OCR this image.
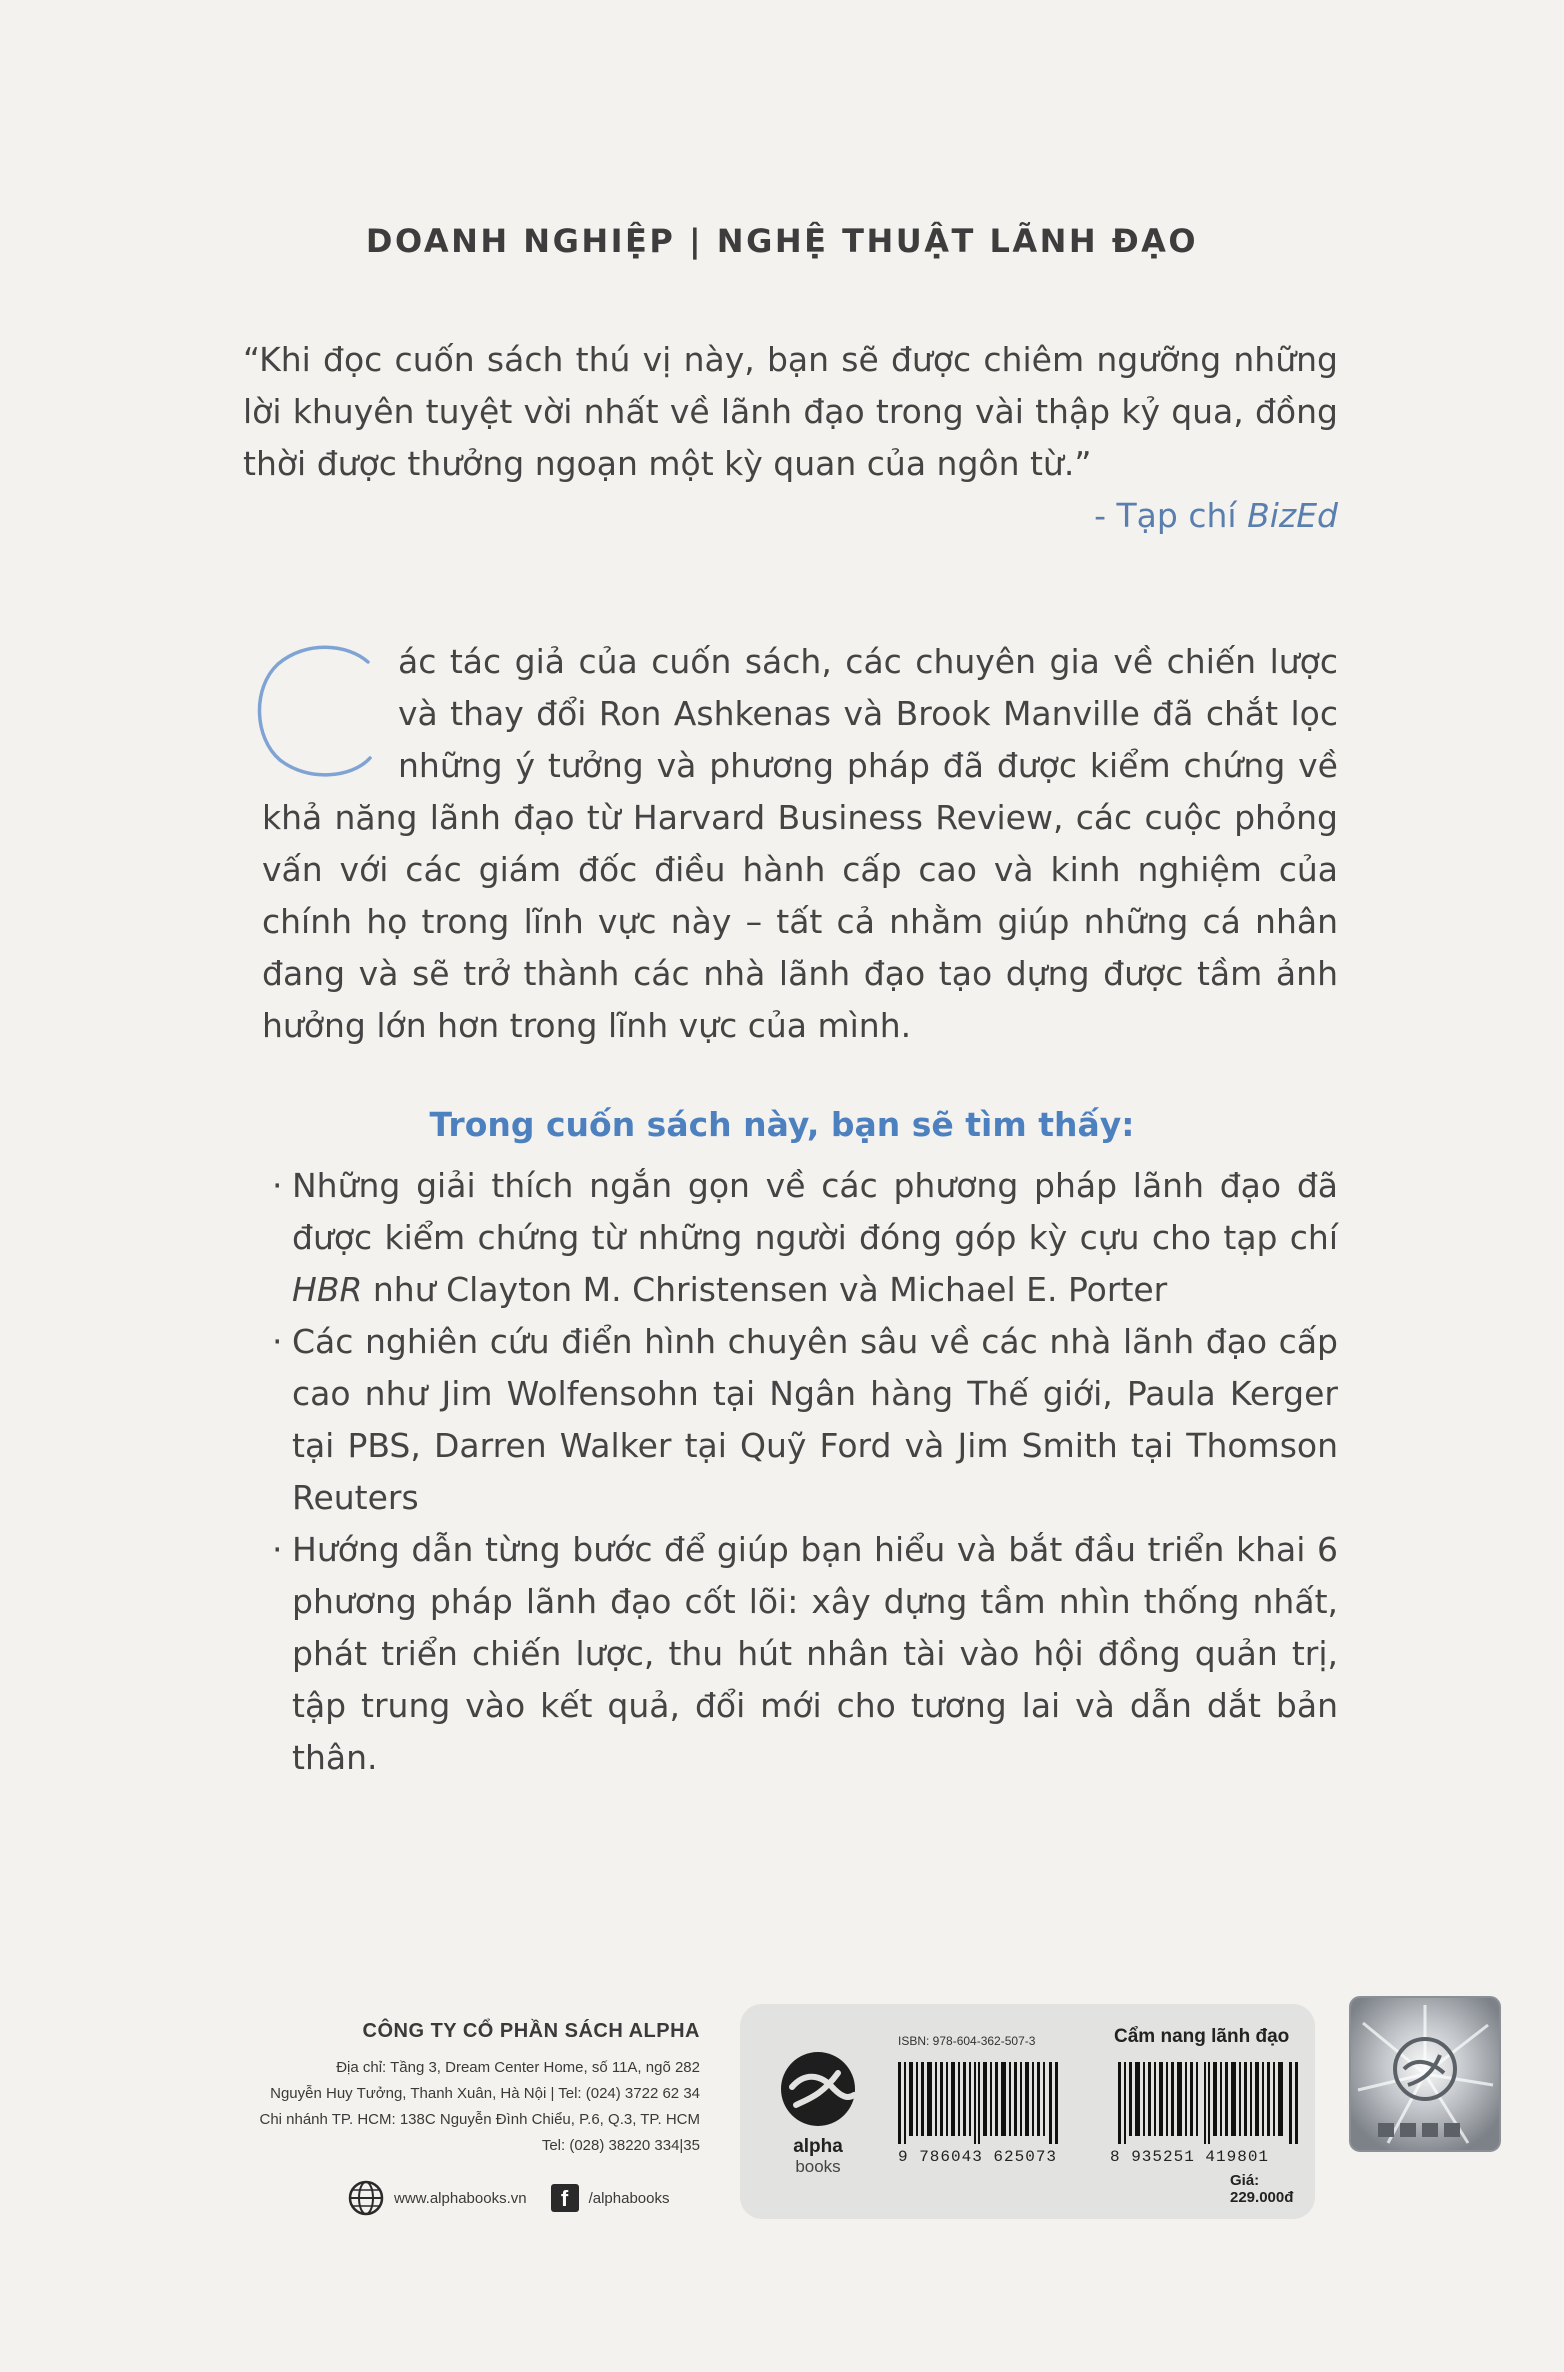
DOANH NGHIỆP | NGHỆ THUẬT LÃNH ĐẠO
“Khi đọc cuốn sách thú vị này, bạn sẽ được chiêm ngưỡng những lời khuyên tuyệt vời nhất về lãnh đạo trong vài thập kỷ qua, đồng thời được thưởng ngoạn một kỳ quan của ngôn từ.”
- Tạp chí BizEd
ác tác giả của cuốn sách, các chuyên gia về chiến lược và thay đổi Ron Ashkenas và Brook Manville đã chắt lọc những ý tưởng và phương pháp đã được kiểm chứng về khả năng lãnh đạo từ Harvard Business Review, các cuộc phỏng vấn với các giám đốc điều hành cấp cao và kinh nghiệm của chính họ trong lĩnh vực này – tất cả nhằm giúp những cá nhân đang và sẽ trở thành các nhà lãnh đạo tạo dựng được tầm ảnh hưởng lớn hơn trong lĩnh vực của mình.
Trong cuốn sách này, bạn sẽ tìm thấy:
· Những giải thích ngắn gọn về các phương pháp lãnh đạo đã được kiểm chứng từ những người đóng góp kỳ cựu cho tạp chí HBR như Clayton M. Christensen và Michael E. Porter
· Các nghiên cứu điển hình chuyên sâu về các nhà lãnh đạo cấp cao như Jim Wolfensohn tại Ngân hàng Thế giới, Paula Kerger tại PBS, Darren Walker tại Quỹ Ford và Jim Smith tại Thomson Reuters
· Hướng dẫn từng bước để giúp bạn hiểu và bắt đầu triển khai 6 phương pháp lãnh đạo cốt lõi: xây dựng tầm nhìn thống nhất, phát triển chiến lược, thu hút nhân tài vào hội đồng quản trị, tập trung vào kết quả, đổi mới cho tương lai và dẫn dắt bản thân.
CÔNG TY CỔ PHẦN SÁCH ALPHA
Địa chỉ: Tầng 3, Dream Center Home, số 11A, ngõ 282
Nguyễn Huy Tưởng, Thanh Xuân, Hà Nội | Tel: (024) 3722 62 34
Chi nhánh TP. HCM: 138C Nguyễn Đình Chiểu, P.6, Q.3, TP. HCM
Tel: (028) 38220 334|35
www.alphabooks.vn	f	/alphabooks
alpha
books
ISBN: 978-604-362-507-3	Cẩm nang lãnh đạo
9 786043 625073	8 935251 419801
Giá: 229.000đ
